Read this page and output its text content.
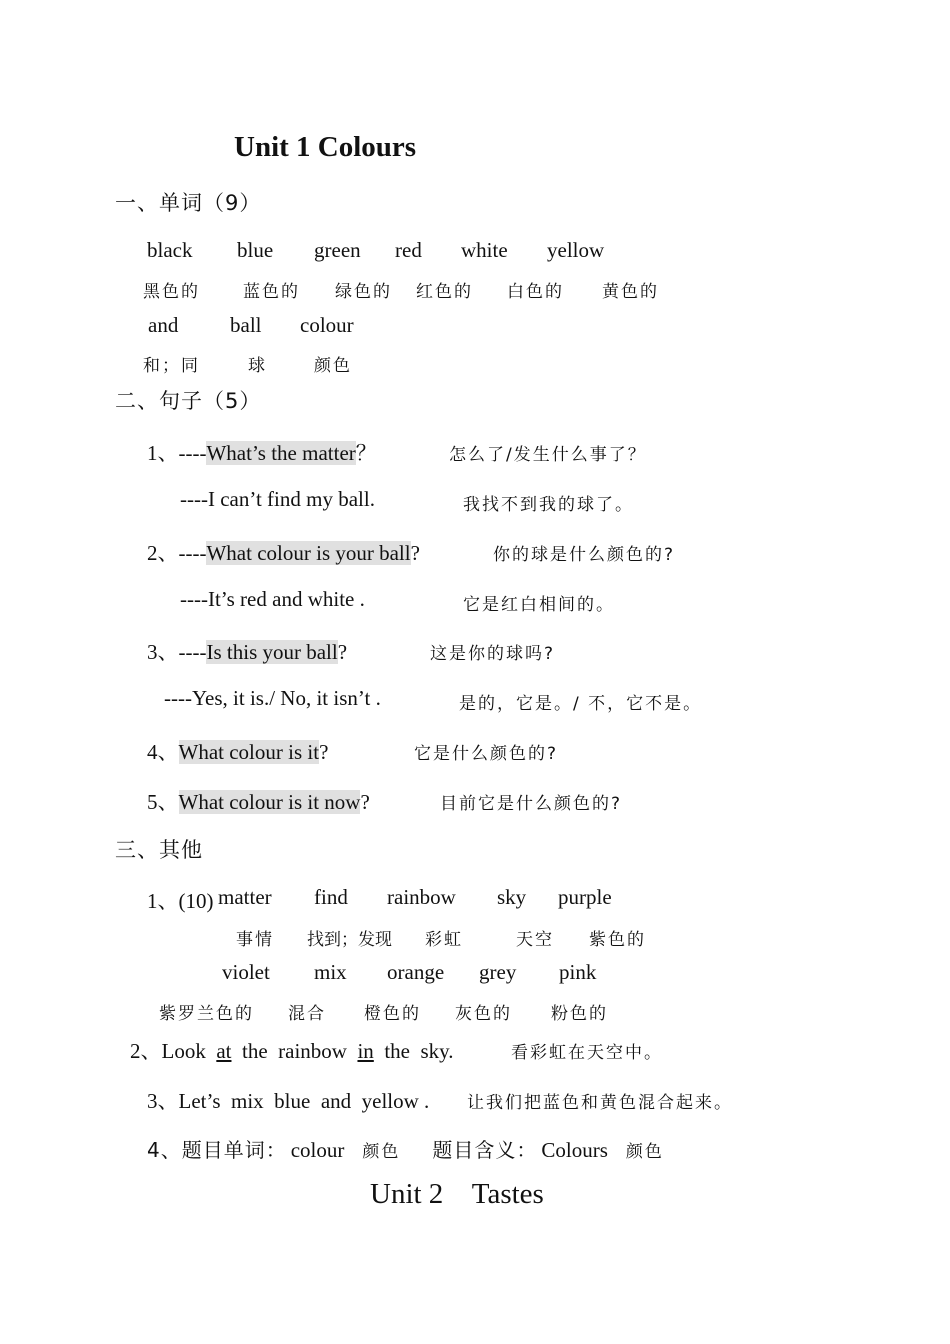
Unit 1 Colours
一、单词（9）
black blue green red white yellow
黑色的	蓝色的 绿色的 红色的 白色的 黄色的
and ball colour
和；同	球	颜色
二、句子（5）
1、----What’s the matter？	怎么了/发生什么事了？
----I can’t find my ball.	我找不到我的球了。
2、----What colour is your ball?	你的球是什么颜色的?
----It’s red and white .	它是红白相间的。
3、----Is this your ball?	这是你的球吗?
----Yes, it is./ No, it isn’t .	是的，它是。/ 不，它不是。
4、What colour is it?	它是什么颜色的?
5、What colour is it now?	目前它是什么颜色的?
三、其他
1、(10) matter find rainbow sky purple
事情 找到；发现 彩虹	天空 紫色的
violet mix orange grey pink
紫罗兰色的 混合 橙色的 灰色的 粉色的
2、Look  at  the  rainbow  in  the  sky.	看彩虹在天空中。
3、Let’s  mix  blue  and  yellow . 让我们把蓝色和黄色混合起来。
4、题目单词： colour 颜色 题目含义： Colours 颜色
Unit 2    Tastes
